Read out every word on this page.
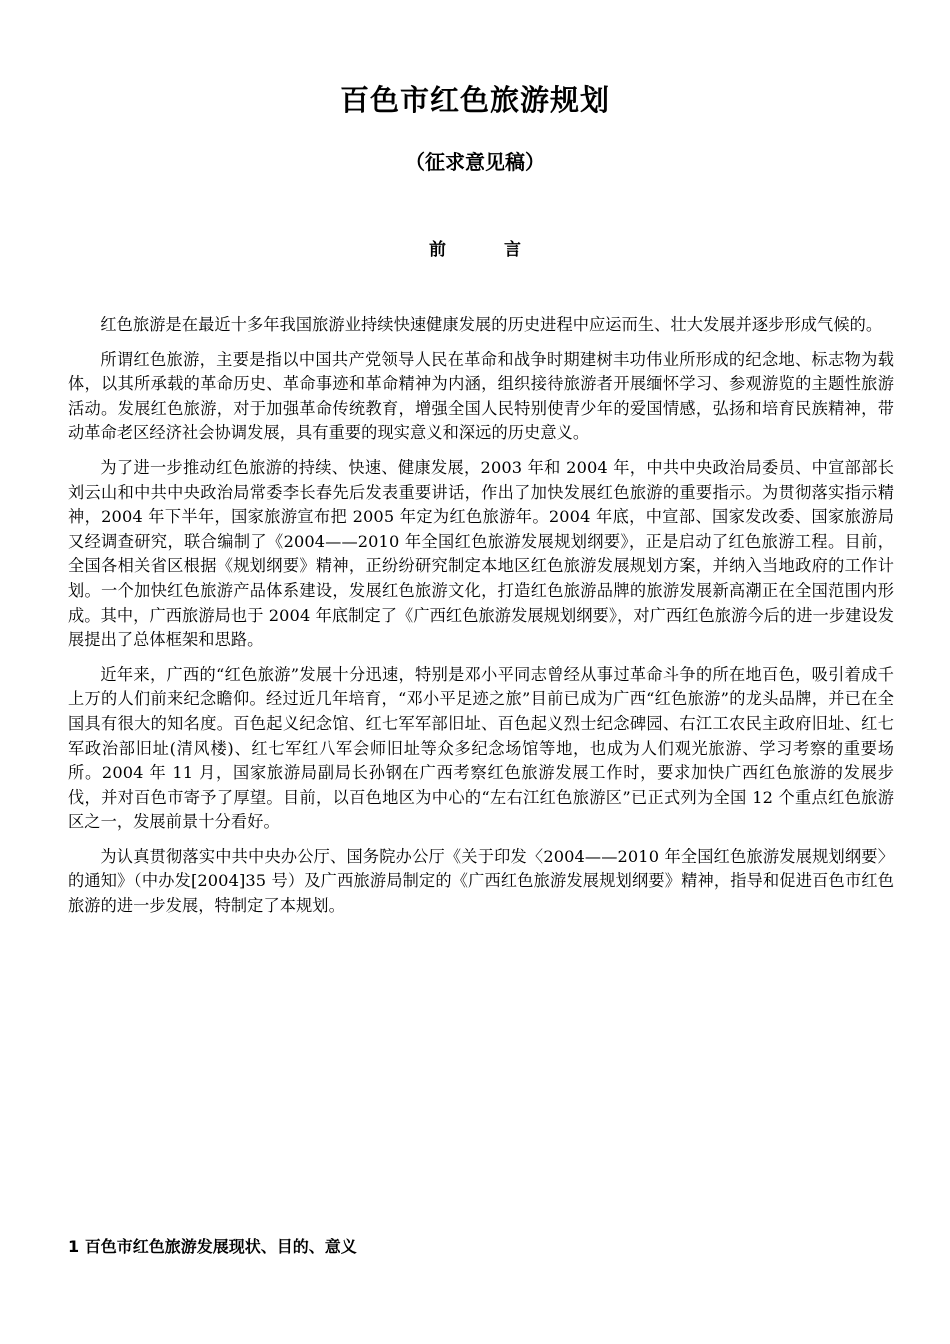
百色市红色旅游规划
（征求意见稿）
前	言

红色旅游是在最近十多年我国旅游业持续快速健康发展的历史进程中应运而生、壮大发展并逐步形成气候的。

所谓红色旅游，主要是指以中国共产党领导人民在革命和战争时期建树丰功伟业所形成的纪念地、标志物为载体，以其所承载的革命历史、革命事迹和革命精神为内涵，组织接待旅游者开展缅怀学习、参观游览的主题性旅游活动。发展红色旅游，对于加强革命传统教育，增强全国人民特别使青少年的爱国情感，弘扬和培育民族精神，带动革命老区经济社会协调发展，具有重要的现实意义和深远的历史意义。

为了进一步推动红色旅游的持续、快速、健康发展，2003 年和 2004 年，中共中央政治局委员、中宣部部长刘云山和中共中央政治局常委李长春先后发表重要讲话，作出了加快发展红色旅游的重要指示。为贯彻落实指示精神，2004 年下半年，国家旅游宣布把 2005 年定为红色旅游年。2004 年底，中宣部、国家发改委、国家旅游局又经调查研究，联合编制了《2004——2010 年全国红色旅游发展规划纲要》，正是启动了红色旅游工程。目前，全国各相关省区根据《规划纲要》精神，正纷纷研究制定本地区红色旅游发展规划方案，并纳入当地政府的工作计划。一个加快红色旅游产品体系建设，发展红色旅游文化，打造红色旅游品牌的旅游发展新高潮正在全国范围内形成。其中，广西旅游局也于 2004 年底制定了《广西红色旅游发展规划纲要》，对广西红色旅游今后的进一步建设发展提出了总体框架和思路。

近年来，广西的“红色旅游”发展十分迅速，特别是邓小平同志曾经从事过革命斗争的所在地百色，吸引着成千上万的人们前来纪念瞻仰。经过近几年培育，“邓小平足迹之旅”目前已成为广西“红色旅游”的龙头品牌，并已在全国具有很大的知名度。百色起义纪念馆、红七军军部旧址、百色起义烈士纪念碑园、右江工农民主政府旧址、红七军政治部旧址(清风楼)、红七军红八军会师旧址等众多纪念场馆等地，也成为人们观光旅游、学习考察的重要场所。2004 年 11 月，国家旅游局副局长孙钢在广西考察红色旅游发展工作时，要求加快广西红色旅游的发展步伐，并对百色市寄予了厚望。目前，以百色地区为中心的“左右江红色旅游区”已正式列为全国 12 个重点红色旅游区之一，发展前景十分看好。

为认真贯彻落实中共中央办公厅、国务院办公厅《关于印发〈2004——2010 年全国红色旅游发展规划纲要〉的通知》（中办发[2004]35 号）及广西旅游局制定的《广西红色旅游发展规划纲要》精神，指导和促进百色市红色旅游的进一步发展，特制定了本规划。

1 百色市红色旅游发展现状、目的、意义
